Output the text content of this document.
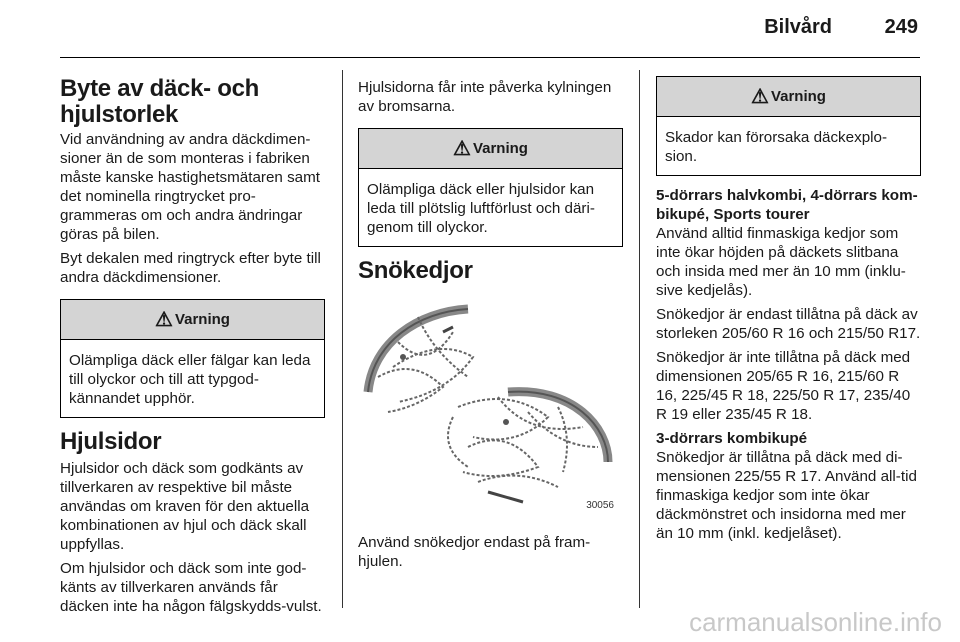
Bilvård	249
Byte av däck- och hjulstorlek

Vid användning av andra däckdimen-sioner än de som monteras i fabriken måste kanske hastighetsmätaren samt det nominella ringtrycket pro-grammeras om och andra ändringar göras på bilen.

Byt dekalen med ringtryck efter byte till andra däckdimensioner.

⚠ Varning
Olämpliga däck eller fälgar kan leda till olyckor och till att typgod-kännandet upphör.
Hjulsidor

Hjulsidor och däck som godkänts av tillverkaren av respektive bil måste användas om kraven för den aktuella kombinationen av hjul och däck skall uppfyllas.

Om hjulsidor och däck som inte god-känts av tillverkaren används får däcken inte ha någon fälgskydds-vulst.

Hjulsidorna får inte påverka kylningen av bromsarna.

⚠ Varning
Olämpliga däck eller hjulsidor kan leda till plötslig luftförlust och däri-genom till olyckor.
Snökedjor
30056

Använd snökedjor endast på fram-hjulen.

⚠ Varning
Skador kan förorsaka däckexplo-sion.

5-dörrars halvkombi, 4-dörrars kom-bikupé, Sports tourer

Använd alltid finmaskiga kedjor som inte ökar höjden på däckets slitbana och insida med mer än 10 mm (inklu-sive kedjelås).

Snökedjor är endast tillåtna på däck av storleken 205/60 R 16 och 215/50 R17.

Snökedjor är inte tillåtna på däck med dimensionen 205/65 R 16, 215/60 R 16, 225/45 R 18, 225/50 R 17, 235/40 R 19 eller 235/45 R 18.

3-dörrars kombikupé

Snökedjor är tillåtna på däck med di-mensionen 225/55 R 17. Använd all-tid finmaskiga kedjor som inte ökar däckmönstret och insidorna med mer än 10 mm (inkl. kedjelåset).

carmanualsonline.info
